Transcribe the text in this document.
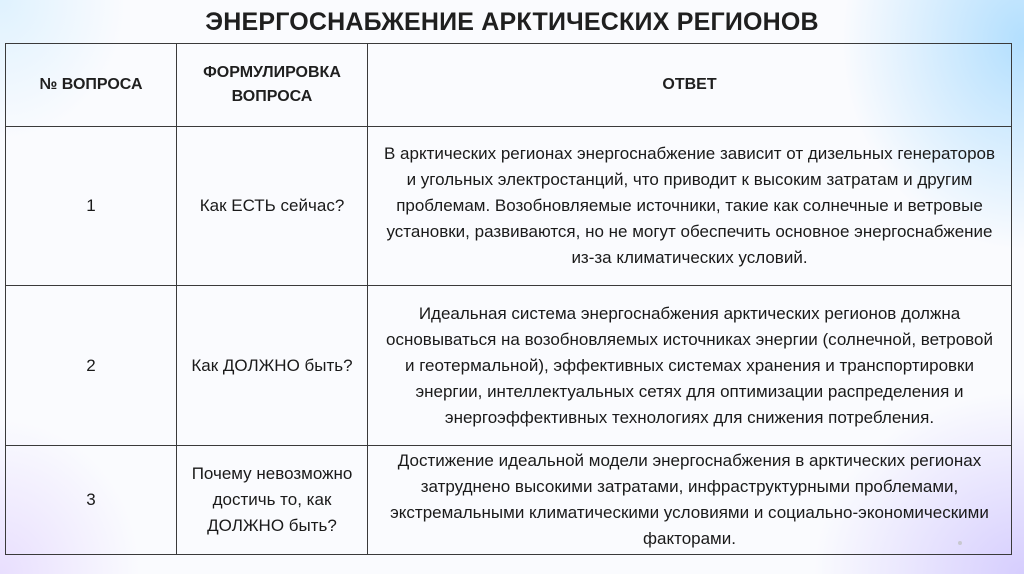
ЭНЕРГОСНАБЖЕНИЕ АРКТИЧЕСКИХ РЕГИОНОВ
№ ВОПРОСА	ФОРМУЛИРОВКА ВОПРОСА	ОТВЕТ
1	Как ЕСТЬ сейчас?	В арктических регионах энергоснабжение зависит от дизельных генераторов и угольных электростанций, что приводит к высоким затратам и другим проблемам. Возобновляемые источники, такие как солнечные и ветровые установки, развиваются, но не могут обеспечить основное энергоснабжение из-за климатических условий.
2	Как ДОЛЖНО быть?	Идеальная система энергоснабжения арктических регионов должна основываться на возобновляемых источниках энергии (солнечной, ветровой и геотермальной), эффективных системах хранения и транспортировки энергии, интеллектуальных сетях для оптимизации распределения и энергоэффективных технологиях для снижения потребления.
3	Почему невозможно достичь то, как ДОЛЖНО быть?	Достижение идеальной модели энергоснабжения в арктических регионах затруднено высокими затратами, инфраструктурными проблемами, экстремальными климатическими условиями и социально-экономическими факторами.
